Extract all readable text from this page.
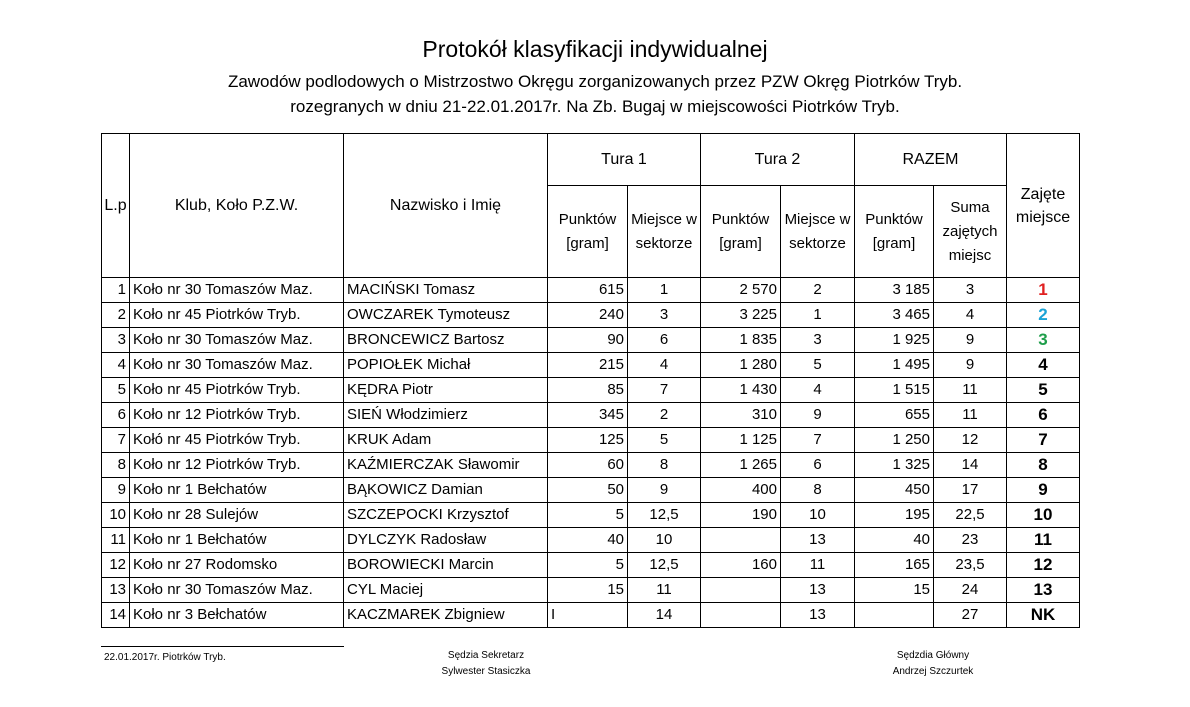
Protokół klasyfikacji indywidualnej
Zawodów podlodowych o Mistrzostwo Okręgu zorganizowanych przez PZW Okręg Piotrków Tryb.
rozegranych w dniu 21-22.01.2017r. Na Zb. Bugaj w miejscowości Piotrków Tryb.
L.p	Klub, Koło P.Z.W.	Nazwisko i Imię	Tura 1		Tura 2		RAZEM		Zajęte miejsce
			Punktów [gram]	Miejsce w sektorze	Punktów [gram]	Miejsce w sektorze	Punktów [gram]	Suma zajętych miejsc	
1	Koło nr 30 Tomaszów Maz.	MACIŃSKI Tomasz	615	1	2 570	2	3 185	3	1
2	Koło nr 45 Piotrków Tryb.	OWCZAREK Tymoteusz	240	3	3 225	1	3 465	4	2
3	Koło nr 30 Tomaszów Maz.	BRONCEWICZ Bartosz	90	6	1 835	3	1 925	9	3
4	Koło nr 30 Tomaszów Maz.	POPIOŁEK Michał	215	4	1 280	5	1 495	9	4
5	Koło nr 45 Piotrków Tryb.	KĘDRA Piotr	85	7	1 430	4	1 515	11	5
6	Koło nr 12 Piotrków Tryb.	SIEŃ Włodzimierz	345	2	310	9	655	11	6
7	Kołó nr 45 Piotrków Tryb.	KRUK Adam	125	5	1 125	7	1 250	12	7
8	Koło nr 12 Piotrków Tryb.	KAŹMIERCZAK Sławomir	60	8	1 265	6	1 325	14	8
9	Koło nr 1 Bełchatów	BĄKOWICZ Damian	50	9	400	8	450	17	9
10	Koło nr 28 Sulejów	SZCZEPOCKI Krzysztof	5	12,5	190	10	195	22,5	10
11	Koło nr 1 Bełchatów	DYLCZYK Radosław	40	10		13	40	23	11
12	Koło nr 27 Rodomsko	BOROWIECKI Marcin	5	12,5	160	11	165	23,5	12
13	Koło nr 30 Tomaszów Maz.	CYL Maciej	15	11		13	15	24	13
14	Koło nr 3 Bełchatów	KACZMAREK Zbigniew	I	14		13		27	NK
22.01.2017r. Piotrków Tryb.	Sędzia Sekretarz
Sylwester Stasiczka
Sędzdia Główny
Andrzej Szczurtek
